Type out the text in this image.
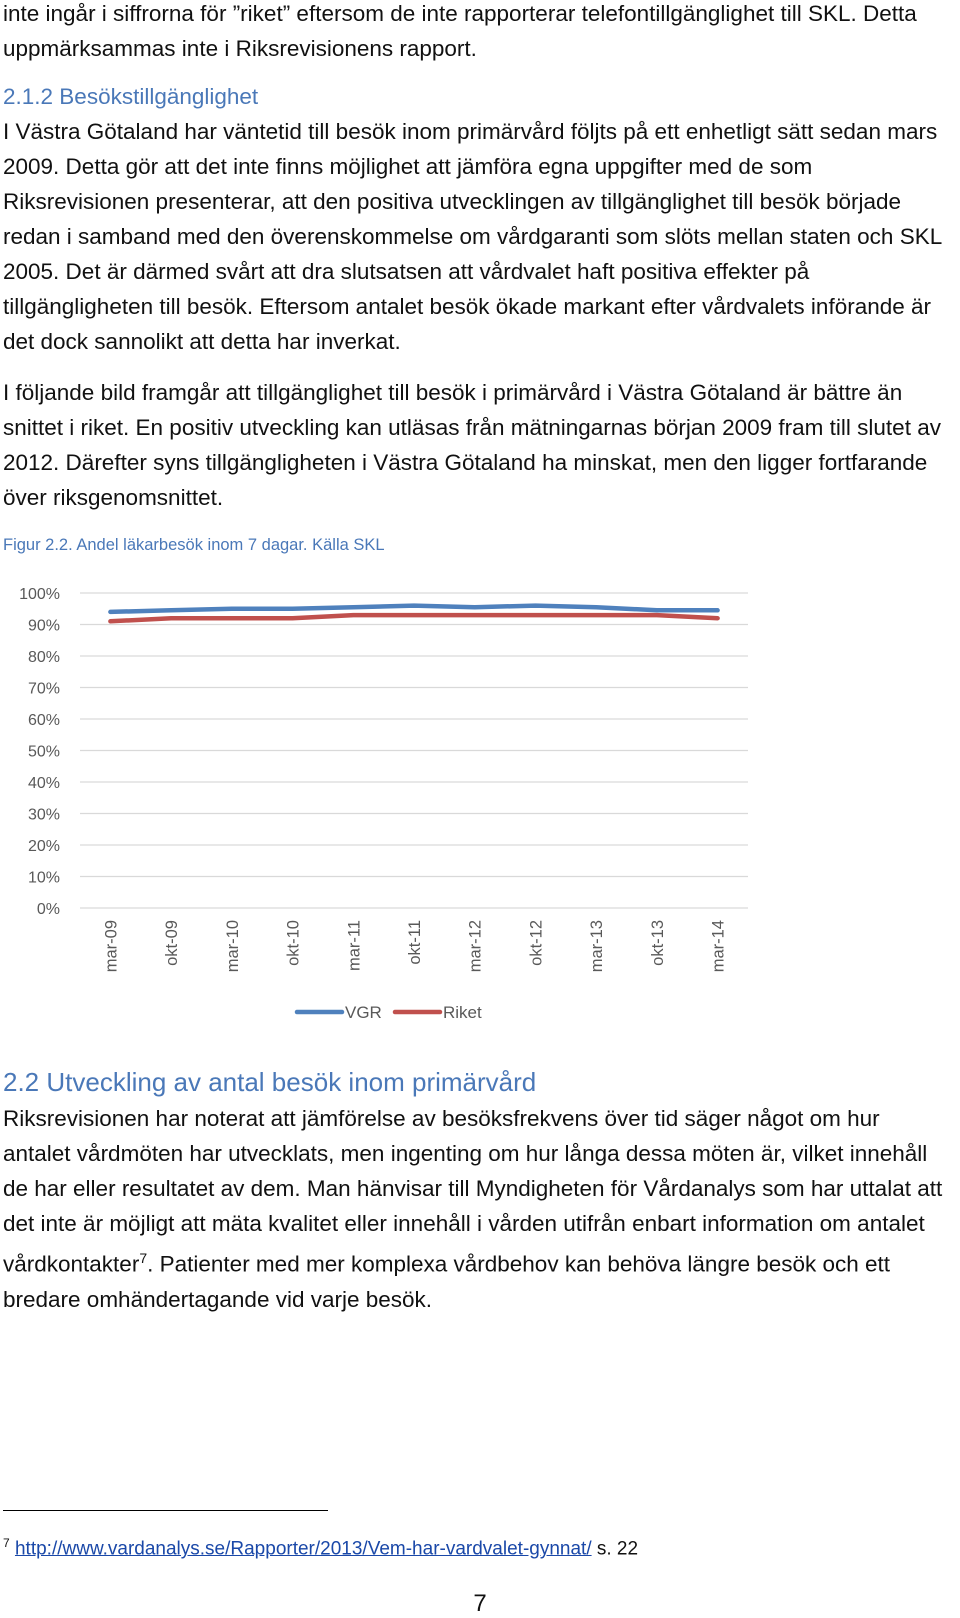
inte ingår i siffrorna för ”riket” eftersom de inte rapporterar telefontillgänglighet till SKL. Detta uppmärksammas inte i Riksrevisionens rapport.

2.1.2 Besökstillgänglighet

I Västra Götaland har väntetid till besök inom primärvård följts på ett enhetligt sätt sedan mars 2009. Detta gör att det inte finns möjlighet att jämföra egna uppgifter med de som Riksrevisionen presenterar, att den positiva utvecklingen av tillgänglighet till besök började redan i samband med den överenskommelse om vårdgaranti som slöts mellan staten och SKL 2005. Det är därmed svårt att dra slutsatsen att vårdvalet haft positiva effekter på tillgängligheten till besök. Eftersom antalet besök ökade markant efter vårdvalets införande är det dock sannolikt att detta har inverkat.

I följande bild framgår att tillgänglighet till besök i primärvård i Västra Götaland är bättre än snittet i riket. En positiv utveckling kan utläsas från mätningarnas början 2009 fram till slutet av 2012. Därefter syns tillgängligheten i Västra Götaland ha minskat, men den ligger fortfarande över riksgenomsnittet.

Figur 2.2. Andel läkarbesök inom 7 dagar. Källa SKL

0%
10%
20%
30%
40%
50%
60%
70%
80%
90%
100%
mar-09	okt-09	mar-10	okt-10	mar-11	okt-11	mar-12	okt-12	mar-13	okt-13	mar-14
VGR	Riket
2.2 Utveckling av antal besök inom primärvård

Riksrevisionen har noterat att jämförelse av besöksfrekvens över tid säger något om hur antalet vårdmöten har utvecklats, men ingenting om hur långa dessa möten är, vilket innehåll de har eller resultatet av dem. Man hänvisar till Myndigheten för Vårdanalys som har uttalat att det inte är möjligt att mäta kvalitet eller innehåll i vården utifrån enbart information om antalet vårdkontakter$^7$. Patienter med mer komplexa vårdbehov kan behöva längre besök och ett bredare omhändertagande vid varje besök.

$^7$ http://www.vardanalys.se/Rapporter/2013/Vem-har-vardvalet-gynnat/ s. 22

7
